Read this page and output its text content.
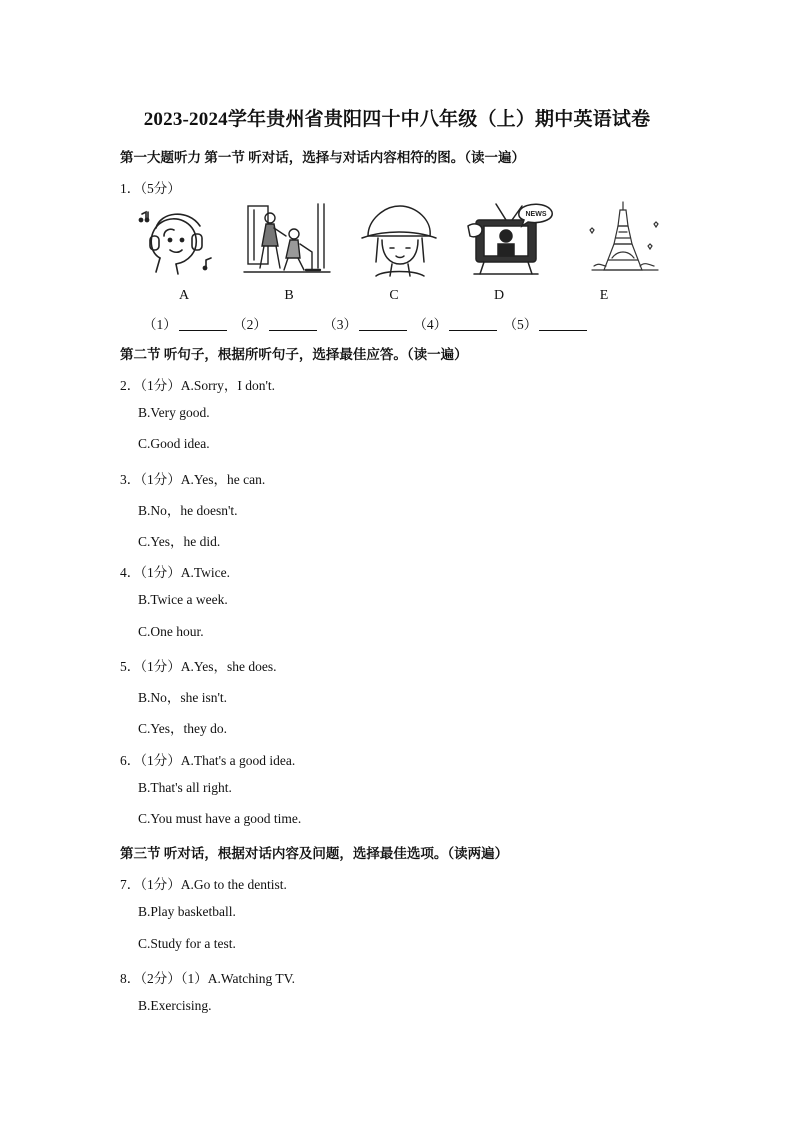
2023-2024学年贵州省贵阳四十中八年级（上）期中英语试卷
第一大题听力 第一节 听对话，选择与对话内容相符的图。（读一遍）
1．（5分）
NEWS
A	B	C	D	E
（1）	（2）	（3）	（4）	（5）
第二节 听句子，根据所听句子，选择最佳应答。（读一遍）
2．（1分）A.Sorry，I don't.
B.Very good.
C.Good idea.
3．（1分）A.Yes，he can.
B.No，he doesn't.
C.Yes，he did.
4．（1分）A.Twice.
B.Twice a week.
C.One hour.
5．（1分）A.Yes，she does.
B.No，she isn't.
C.Yes，they do.
6．（1分）A.That's a good idea.
B.That's all right.
C.You must have a good time.
第三节 听对话，根据对话内容及问题，选择最佳选项。（读两遍）
7．（1分）A.Go to the dentist.
B.Play basketball.
C.Study for a test.
8．（2分）（1）A.Watching TV.
B.Exercising.
